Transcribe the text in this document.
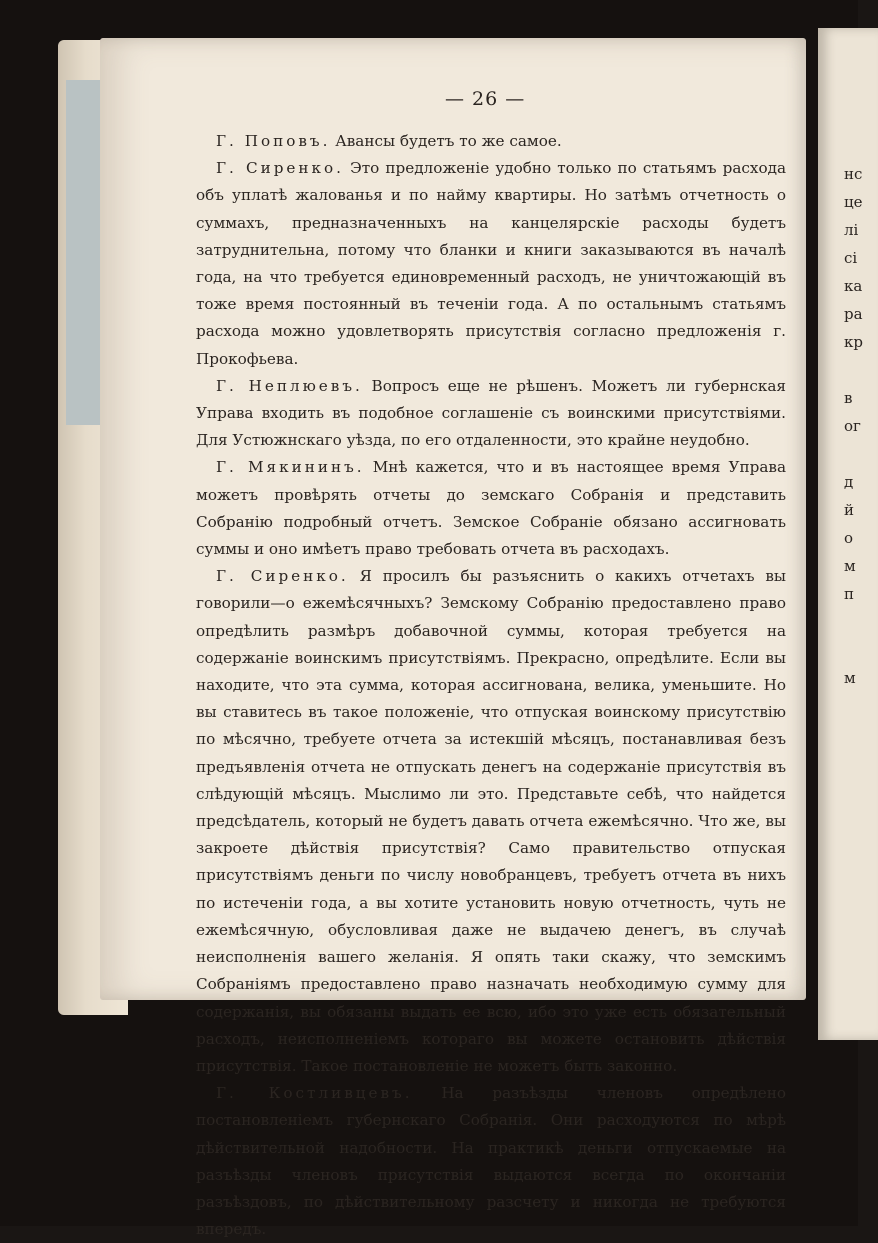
нс
це
лі
сі
ка
ра
кр
в
ог
д
й
о
м
п
м
— 26 —

Г. Поповъ. Авансы будетъ то же самое.

Г. Сиренко. Это предложеніе удобно только по статьямъ расхода объ уплатѣ жалованья и по найму квартиры. Но затѣмъ отчетность о суммахъ, предназначенныхъ на канцелярскіе расходы будетъ затруднительна, потому что бланки и книги заказываются въ началѣ года, на что требуется единовременный расходъ, не уничтожающій въ тоже время постоянный въ теченіи года. А по остальнымъ статьямъ расхода можно удовлетворять присутствія согласно предложенія г. Прокофьева.

Г. Неплюевъ. Вопросъ еще не рѣшенъ. Можетъ ли губернская Управа входить въ подобное соглашеніе съ воинскими присутствіями. Для Устюжнскаго уѣзда, по его отдаленности, это крайне неудобно.

Г. Мякининъ. Мнѣ кажется, что и въ настоящее время Управа можетъ провѣрять отчеты до земскаго Собранія и представить Собранію подробный отчетъ. Земское Собраніе обязано ассигновать суммы и оно имѣетъ право требовать отчета въ расходахъ.

Г. Сиренко. Я просилъ бы разъяснить о какихъ отчетахъ вы говорили—о ежемѣсячныхъ? Земскому Собранію предоставлено право опредѣлить размѣръ добавочной суммы, которая требуется на содержаніе воинскимъ присутствіямъ. Прекрасно, опредѣлите. Если вы находите, что эта сумма, которая ассигнована, велика, уменьшите. Но вы ставитесь въ такое положеніе, что отпуская воинскому присутствію по мѣсячно, требуете отчета за истекшій мѣсяцъ, постанавливая безъ предъявленія отчета не отпускать денегъ на содержаніе присутствія въ слѣдующій мѣсяцъ. Мыслимо ли это. Представьте себѣ, что найдется предсѣдатель, который не будетъ давать отчета ежемѣсячно. Что же, вы закроете дѣйствія присутствія? Само правительство отпуская присутствіямъ деньги по числу новобранцевъ, требуетъ отчета въ нихъ по истеченіи года, а вы хотите установить новую отчетность, чуть не ежемѣсячную, обусловливая даже не выдачею денегъ, въ случаѣ неисполненія вашего желанія. Я опять таки скажу, что земскимъ Собраніямъ предоставлено право назначать необходимую сумму для содержанія, вы обязаны выдать ее всю, ибо это уже есть обязательный расходъ, неисполненіемъ котораго вы можете остановить дѣйствія присутствія. Такое постановленіе не можетъ быть законно.

Г. Костливцевъ. На разъѣзды членовъ опредѣлено постановленіемъ губернскаго Собранія. Они расходуются по мѣрѣ дѣйствительной надобности. На практикѣ деньги отпускаемые на разъѣзды членовъ присутствія выдаются всегда по окончаніи разъѣздовъ, по дѣйствительному разсчету и никогда не требуются впередъ.
